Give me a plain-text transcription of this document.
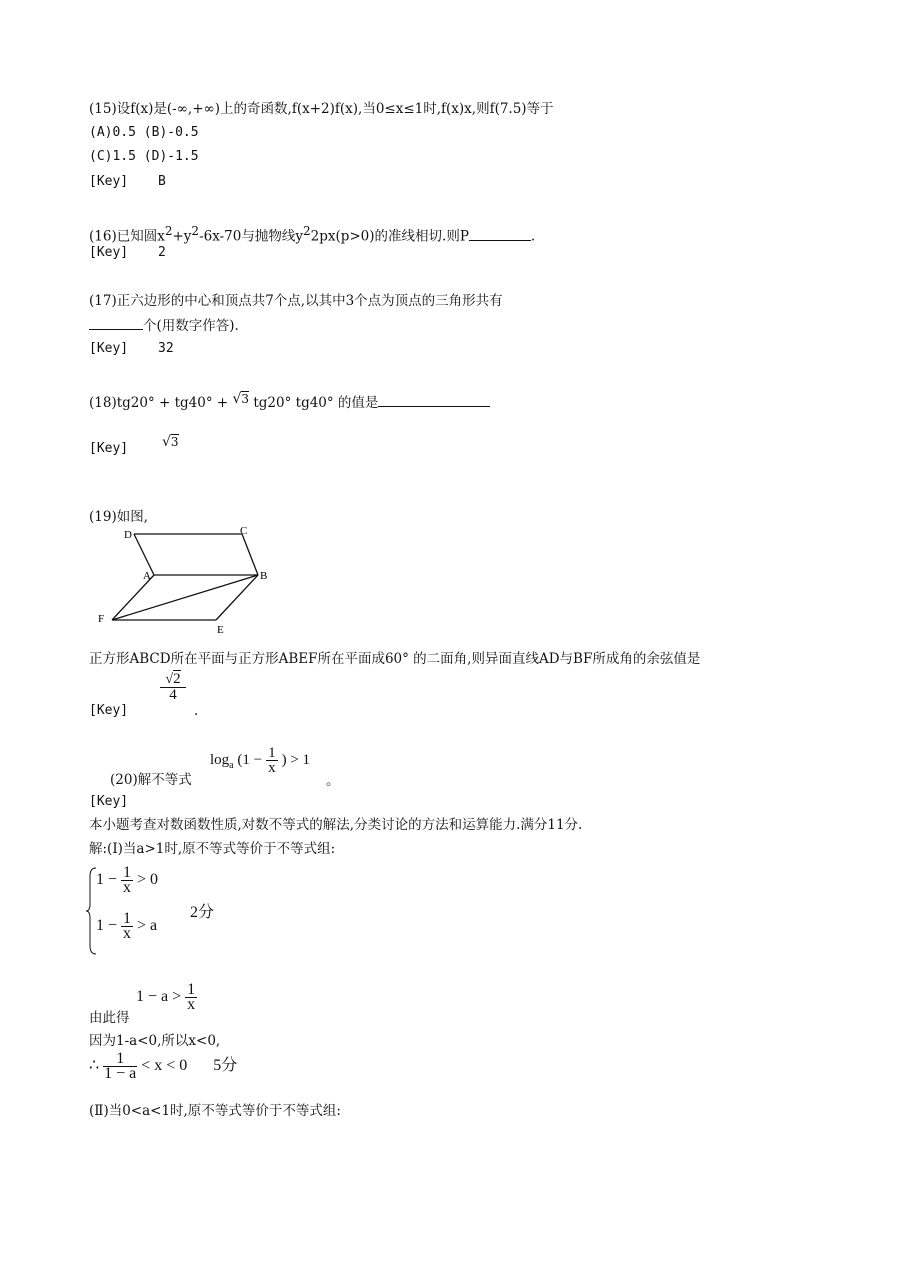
(15)设f(x)是(-∞,+∞)上的奇函数,f(x+2)f(x),当0≤x≤1时,f(x)x,则f(7.5)等于
(A)0.5 (B)-0.5
(C)1.5 (D)-1.5
[Key] B
(16)已知圆$x^2+y^2-6x-70$与抛物线$y^22px(p>0)$的准线相切.则P	.
[Key] 2
(17)正六边形的中心和顶点共7个点,以其中3个点为顶点的三角形共有
个(用数字作答).
[Key] 32
(18)tg20° + tg40° + √3 tg20° tg40° 的值是
[Key] √3
(19)如图,
D	C
A	B
F
E
正方形ABCD所在平面与正方形ABEF所在平面成60° 的二面角,则异面直线AD与BF所成角的余弦值是
[Key]
$\frac{√2}{4}$
.
(20)解不等式
$\log_a (1 - \frac{1}{x}$ ) > 1
。
[Key]
本小题考查对数函数性质,对数不等式的解法,分类讨论的方法和运算能力.满分11分.
解:(Ⅰ)当a>1时,原不等式等价于不等式组:
$1 - \frac{1}{x} > 0$
$1 - \frac{1}{x} > a$
2分
$1 - a > \frac{1}{x}$
由此得
因为1-a<0,所以x<0,
∴ $\frac{1}{1 - a} < x < 0$ 5分
(Ⅱ)当0<a<1时,原不等式等价于不等式组:
